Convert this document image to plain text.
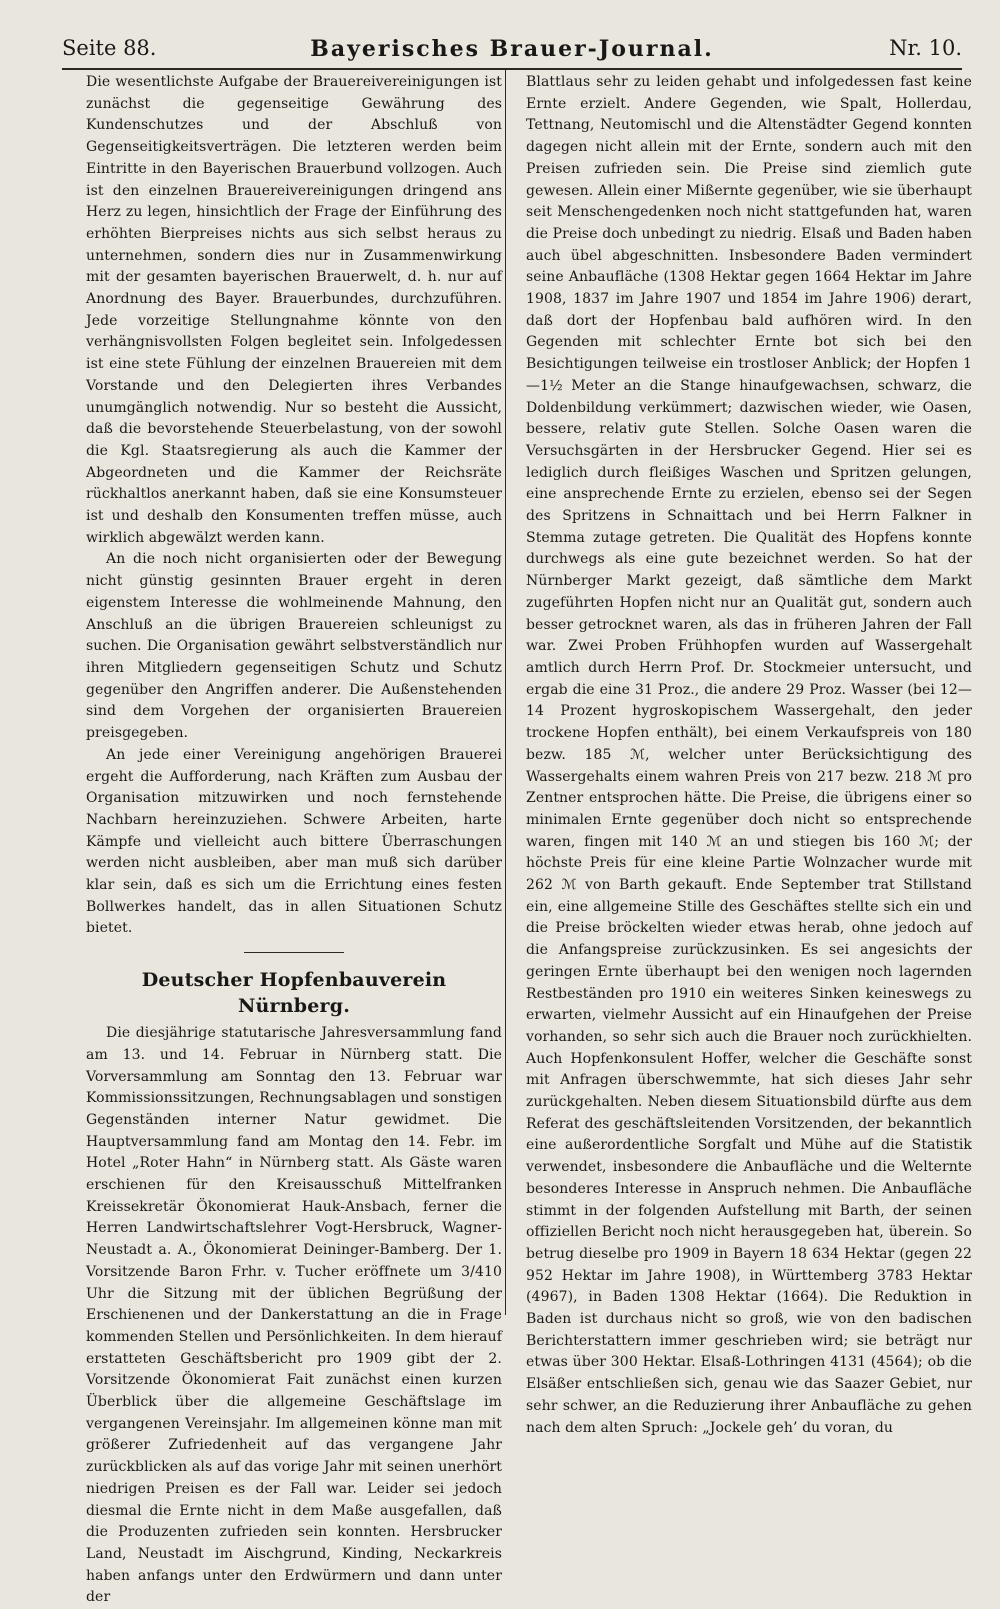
Seite 88.	Bayerisches Brauer-Journal.	Nr. 10.

Die wesentlichste Aufgabe der Brauereivereinigungen ist zunächst die gegenseitige Gewährung des Kundenschutzes und der Abschluß von Gegenseitigkeitsverträgen. Die letzteren werden beim Eintritte in den Bayerischen Brauerbund vollzogen. Auch ist den einzelnen Brauereivereinigungen dringend ans Herz zu legen, hinsichtlich der Frage der Einführung des erhöhten Bierpreises nichts aus sich selbst heraus zu unternehmen, sondern dies nur in Zusammenwirkung mit der gesamten bayerischen Brauerwelt, d. h. nur auf Anordnung des Bayer. Brauerbundes, durchzuführen. Jede vorzeitige Stellungnahme könnte von den verhängnisvollsten Folgen begleitet sein. Infolgedessen ist eine stete Fühlung der einzelnen Brauereien mit dem Vorstande und den Delegierten ihres Verbandes unumgänglich notwendig. Nur so besteht die Aussicht, daß die bevorstehende Steuerbelastung, von der sowohl die Kgl. Staatsregierung als auch die Kammer der Abgeordneten und die Kammer der Reichsräte rückhaltlos anerkannt haben, daß sie eine Konsumsteuer ist und deshalb den Konsumenten treffen müsse, auch wirklich abgewälzt werden kann.

An die noch nicht organisierten oder der Bewegung nicht günstig gesinnten Brauer ergeht in deren eigenstem Interesse die wohlmeinende Mahnung, den Anschluß an die übrigen Brauereien schleunigst zu suchen. Die Organisation gewährt selbstverständlich nur ihren Mitgliedern gegenseitigen Schutz und Schutz gegenüber den Angriffen anderer. Die Außenstehenden sind dem Vorgehen der organisierten Brauereien preisgegeben.

An jede einer Vereinigung angehörigen Brauerei ergeht die Aufforderung, nach Kräften zum Ausbau der Organisation mitzuwirken und noch fernstehende Nachbarn hereinzuziehen. Schwere Arbeiten, harte Kämpfe und vielleicht auch bittere Überraschungen werden nicht ausbleiben, aber man muß sich darüber klar sein, daß es sich um die Errichtung eines festen Bollwerkes handelt, das in allen Situationen Schutz bietet.

Deutscher Hopfenbauverein Nürnberg.

Die diesjährige statutarische Jahresversammlung fand am 13. und 14. Februar in Nürnberg statt. Die Vorversammlung am Sonntag den 13. Februar war Kommissionssitzungen, Rechnungsablagen und sonstigen Gegenständen interner Natur gewidmet. Die Hauptversammlung fand am Montag den 14. Febr. im Hotel „Roter Hahn“ in Nürnberg statt. Als Gäste waren erschienen für den Kreisausschuß Mittelfranken Kreissekretär Ökonomierat Hauk-Ansbach, ferner die Herren Landwirtschaftslehrer Vogt-Hersbruck, Wagner-Neustadt a. A., Ökonomierat Deininger-Bamberg. Der 1. Vorsitzende Baron Frhr. v. Tucher eröffnete um 3/410 Uhr die Sitzung mit der üblichen Begrüßung der Erschienenen und der Dankerstattung an die in Frage kommenden Stellen und Persönlichkeiten. In dem hierauf erstatteten Geschäftsbericht pro 1909 gibt der 2. Vorsitzende Ökonomierat Fait zunächst einen kurzen Überblick über die allgemeine Geschäftslage im vergangenen Vereinsjahr. Im allgemeinen könne man mit größerer Zufriedenheit auf das vergangene Jahr zurückblicken als auf das vorige Jahr mit seinen unerhört niedrigen Preisen es der Fall war. Leider sei jedoch diesmal die Ernte nicht in dem Maße ausgefallen, daß die Produzenten zufrieden sein konnten. Hersbrucker Land, Neustadt im Aischgrund, Kinding, Neckarkreis haben anfangs unter den Erdwürmern und dann unter der

Blattlaus sehr zu leiden gehabt und infolgedessen fast keine Ernte erzielt. Andere Gegenden, wie Spalt, Hollerdau, Tettnang, Neutomischl und die Altenstädter Gegend konnten dagegen nicht allein mit der Ernte, sondern auch mit den Preisen zufrieden sein. Die Preise sind ziemlich gute gewesen. Allein einer Mißernte gegenüber, wie sie überhaupt seit Menschengedenken noch nicht stattgefunden hat, waren die Preise doch unbedingt zu niedrig. Elsaß und Baden haben auch übel abgeschnitten. Insbesondere Baden vermindert seine Anbaufläche (1308 Hektar gegen 1664 Hektar im Jahre 1908, 1837 im Jahre 1907 und 1854 im Jahre 1906) derart, daß dort der Hopfenbau bald aufhören wird. In den Gegenden mit schlechter Ernte bot sich bei den Besichtigungen teilweise ein trostloser Anblick; der Hopfen 1—1½ Meter an die Stange hinaufgewachsen, schwarz, die Doldenbildung verkümmert; dazwischen wieder, wie Oasen, bessere, relativ gute Stellen. Solche Oasen waren die Versuchsgärten in der Hersbrucker Gegend. Hier sei es lediglich durch fleißiges Waschen und Spritzen gelungen, eine ansprechende Ernte zu erzielen, ebenso sei der Segen des Spritzens in Schnaittach und bei Herrn Falkner in Stemma zutage getreten. Die Qualität des Hopfens konnte durchwegs als eine gute bezeichnet werden. So hat der Nürnberger Markt gezeigt, daß sämtliche dem Markt zugeführten Hopfen nicht nur an Qualität gut, sondern auch besser getrocknet waren, als das in früheren Jahren der Fall war. Zwei Proben Frühhopfen wurden auf Wassergehalt amtlich durch Herrn Prof. Dr. Stockmeier untersucht, und ergab die eine 31 Proz., die andere 29 Proz. Wasser (bei 12—14 Prozent hygroskopischem Wassergehalt, den jeder trockene Hopfen enthält), bei einem Verkaufspreis von 180 bezw. 185 ℳ, welcher unter Berücksichtigung des Wassergehalts einem wahren Preis von 217 bezw. 218 ℳ pro Zentner entsprochen hätte. Die Preise, die übrigens einer so minimalen Ernte gegenüber doch nicht so entsprechende waren, fingen mit 140 ℳ an und stiegen bis 160 ℳ; der höchste Preis für eine kleine Partie Wolnzacher wurde mit 262 ℳ von Barth gekauft. Ende September trat Stillstand ein, eine allgemeine Stille des Geschäftes stellte sich ein und die Preise bröckelten wieder etwas herab, ohne jedoch auf die Anfangspreise zurückzusinken. Es sei angesichts der geringen Ernte überhaupt bei den wenigen noch lagernden Restbeständen pro 1910 ein weiteres Sinken keineswegs zu erwarten, vielmehr Aussicht auf ein Hinaufgehen der Preise vorhanden, so sehr sich auch die Brauer noch zurückhielten. Auch Hopfenkonsulent Hoffer, welcher die Geschäfte sonst mit Anfragen überschwemmte, hat sich dieses Jahr sehr zurückgehalten. Neben diesem Situationsbild dürfte aus dem Referat des geschäftsleitenden Vorsitzenden, der bekanntlich eine außerordentliche Sorgfalt und Mühe auf die Statistik verwendet, insbesondere die Anbaufläche und die Welternte besonderes Interesse in Anspruch nehmen. Die Anbaufläche stimmt in der folgenden Aufstellung mit Barth, der seinen offiziellen Bericht noch nicht herausgegeben hat, überein. So betrug dieselbe pro 1909 in Bayern 18 634 Hektar (gegen 22 952 Hektar im Jahre 1908), in Württemberg 3783 Hektar (4967), in Baden 1308 Hektar (1664). Die Reduktion in Baden ist durchaus nicht so groß, wie von den badischen Berichterstattern immer geschrieben wird; sie beträgt nur etwas über 300 Hektar. Elsaß-Lothringen 4131 (4564); ob die Elsäßer entschließen sich, genau wie das Saazer Gebiet, nur sehr schwer, an die Reduzierung ihrer Anbaufläche zu gehen nach dem alten Spruch: „Jockele geh’ du voran, du
